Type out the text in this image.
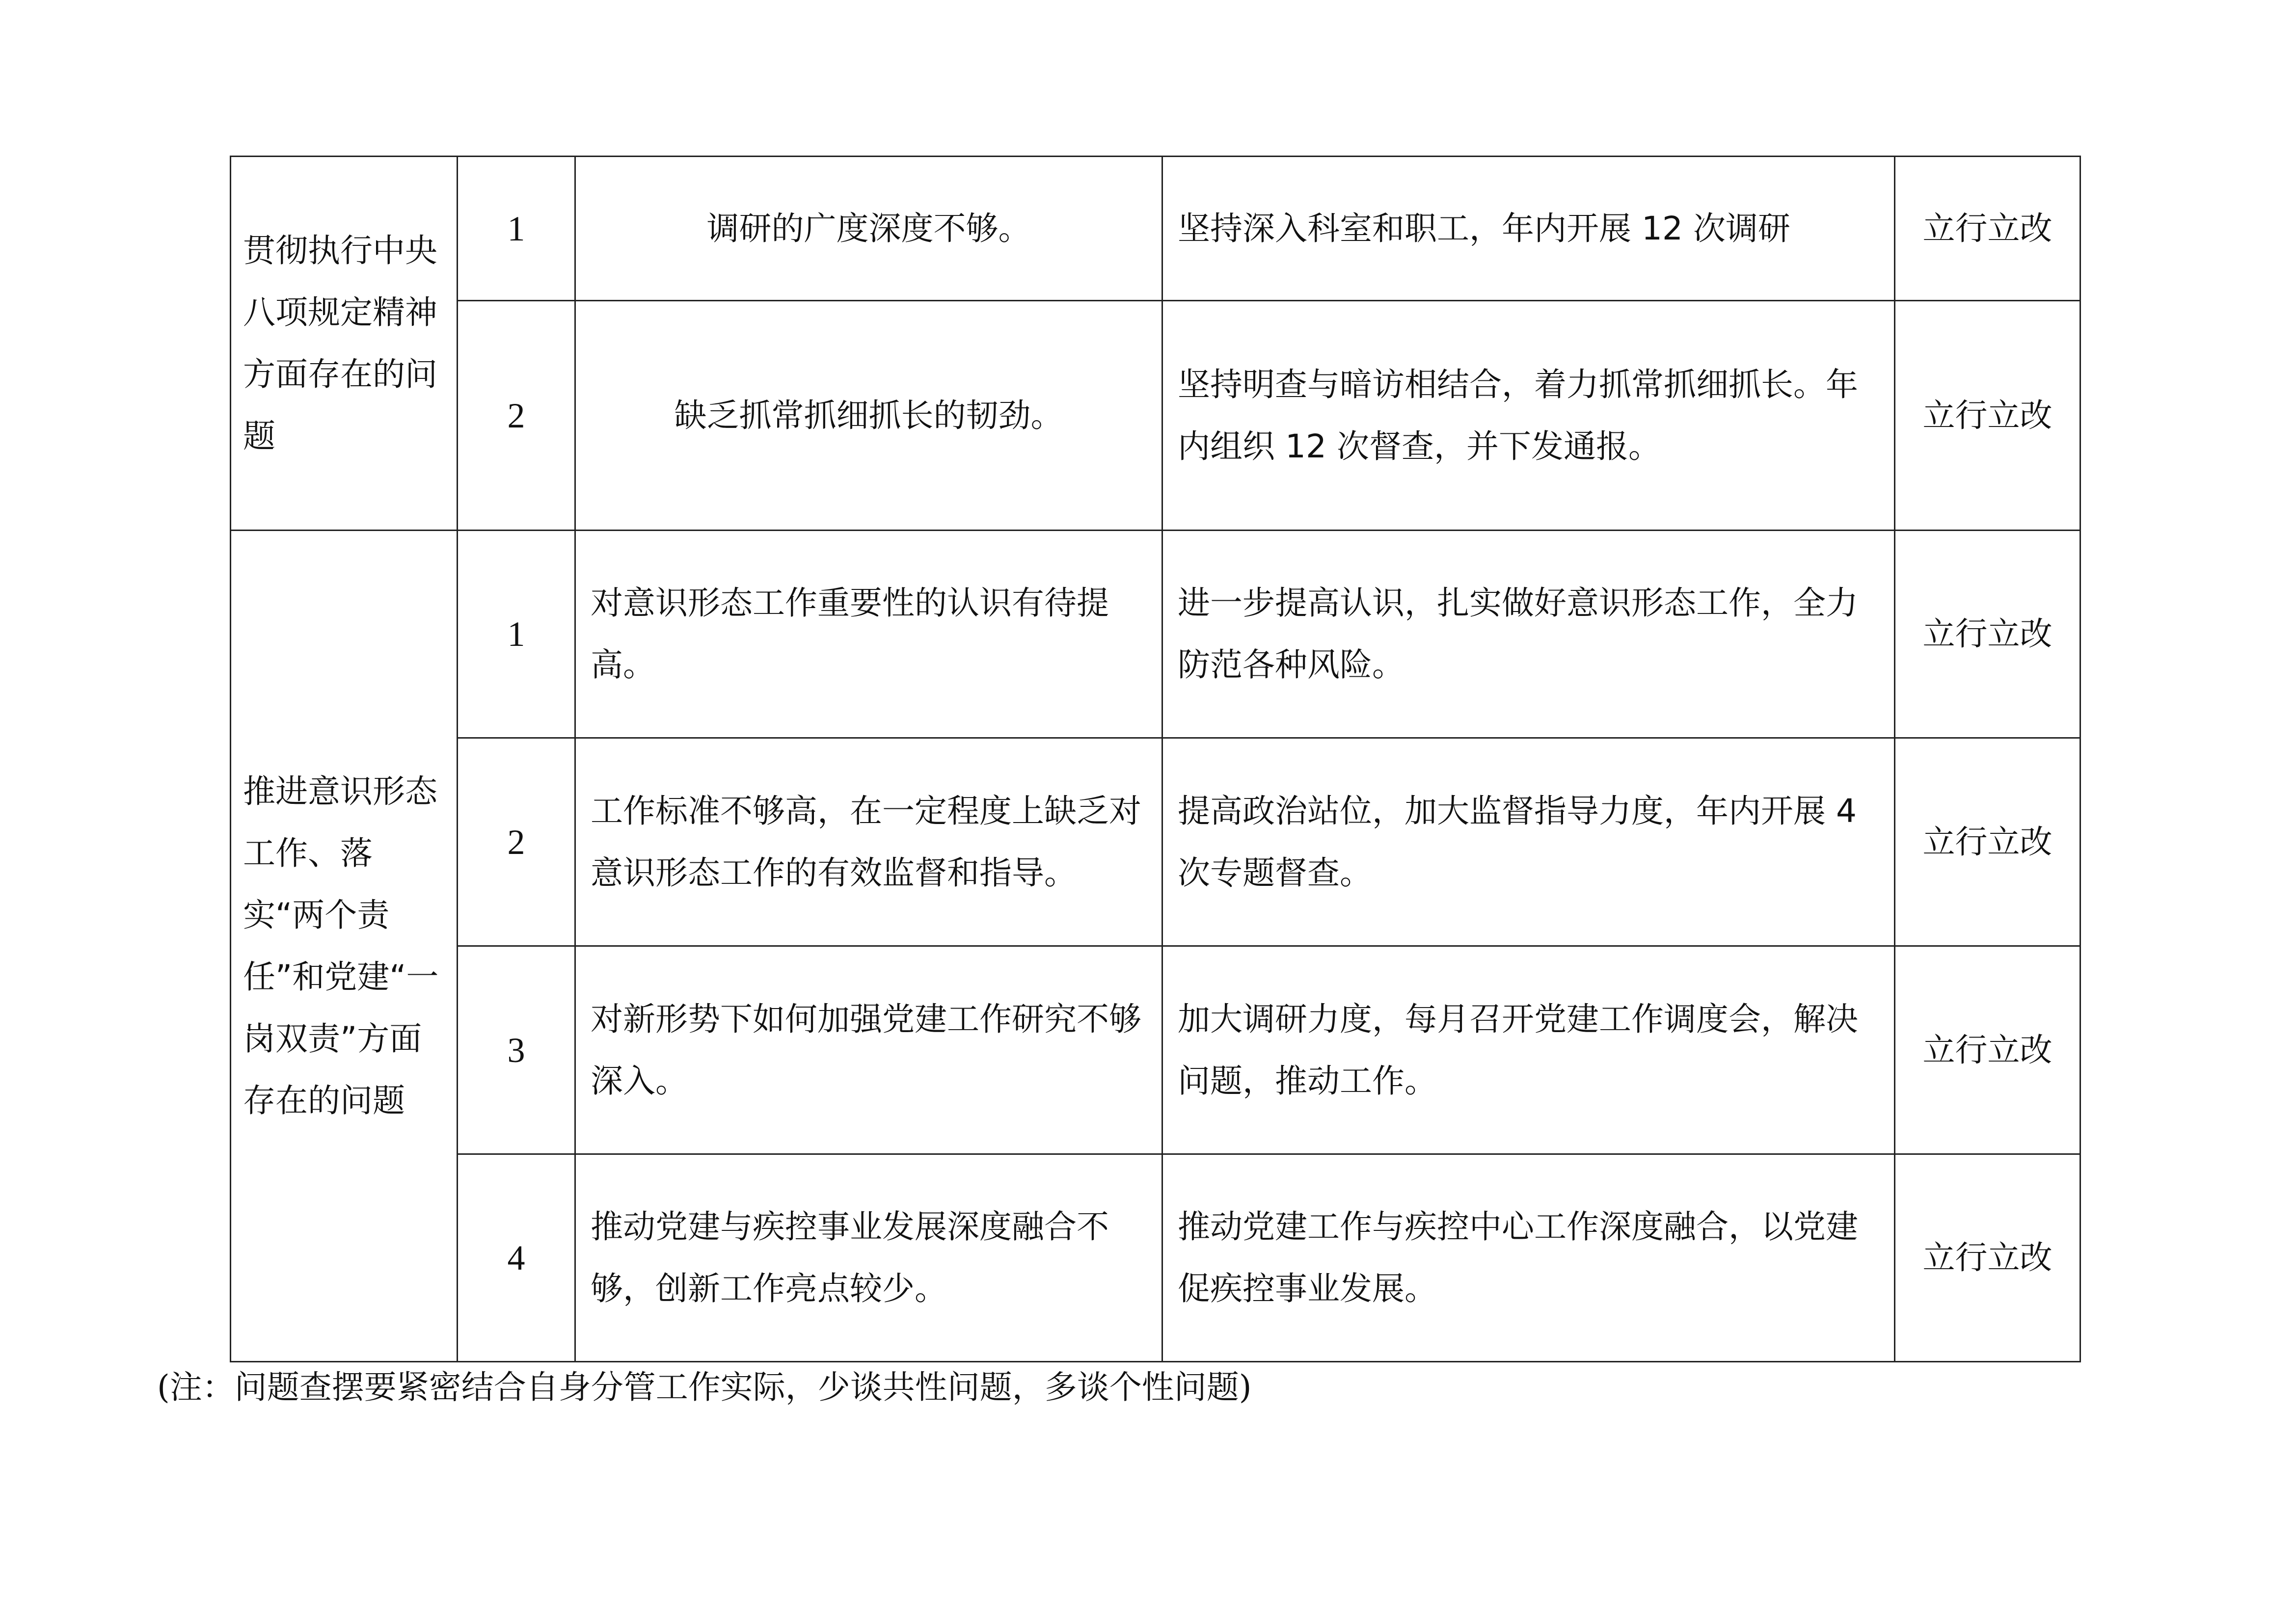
贯彻执行中央八项规定精神方面存在的问题	1	调研的广度深度不够。	坚持深入科室和职工，年内开展 12 次调研	立行立改
	2	缺乏抓常抓细抓长的韧劲。	坚持明查与暗访相结合，着力抓常抓细抓长。年内组织 12 次督查，并下发通报。	立行立改
推进意识形态工作、落实“两个责任”和党建“一岗双责”方面存在的问题	1	对意识形态工作重要性的认识有待提高。	进一步提高认识，扎实做好意识形态工作，全力防范各种风险。	立行立改
	2	工作标准不够高，在一定程度上缺乏对意识形态工作的有效监督和指导。	提高政治站位，加大监督指导力度，年内开展 4 次专题督查。	立行立改
	3	对新形势下如何加强党建工作研究不够深入。	加大调研力度，每月召开党建工作调度会，解决问题，推动工作。	立行立改
	4	推动党建与疾控事业发展深度融合不够，创新工作亮点较少。	推动党建工作与疾控中心工作深度融合，以党建促疾控事业发展。	立行立改
(注：问题查摆要紧密结合自身分管工作实际，少谈共性问题，多谈个性问题)
